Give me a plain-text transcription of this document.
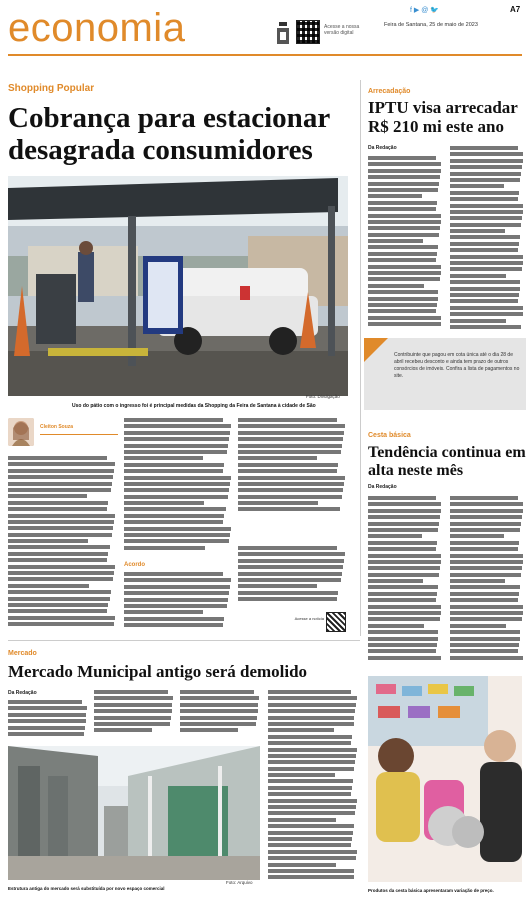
economia	Acesse a nossa versão digital
f ▶ @ 🐦	A7
Feira de Santana, 25 de maio de 2023
Shopping Popular
Cobrança para estacionar desagrada consumidores
Foto: Divulgação
Uso do pátio com o ingresso foi é principal medidas da Shopping da Feira de Santana à cidade de São
Cleiton Souza
Acordo
Acesse a notícia
Arrecadação
IPTU visa arrecadar R$ 210 mi este ano
Da Redação
Contribuinte que pagou em cota única até o dia 28 de abril recebeu desconto e ainda tem prazo de outros consórcios de imóveis. Confira a lista de pagamentos no site.
Cesta básica
Tendência continua em alta neste mês
Da Redação
Produtos da cesta básica apresentaram variação de preço.
Mercado
Mercado Municipal antigo será demolido
Da Redação
Foto: Arquivo
Estrutura antiga do mercado será substituída por novo espaço comercial
